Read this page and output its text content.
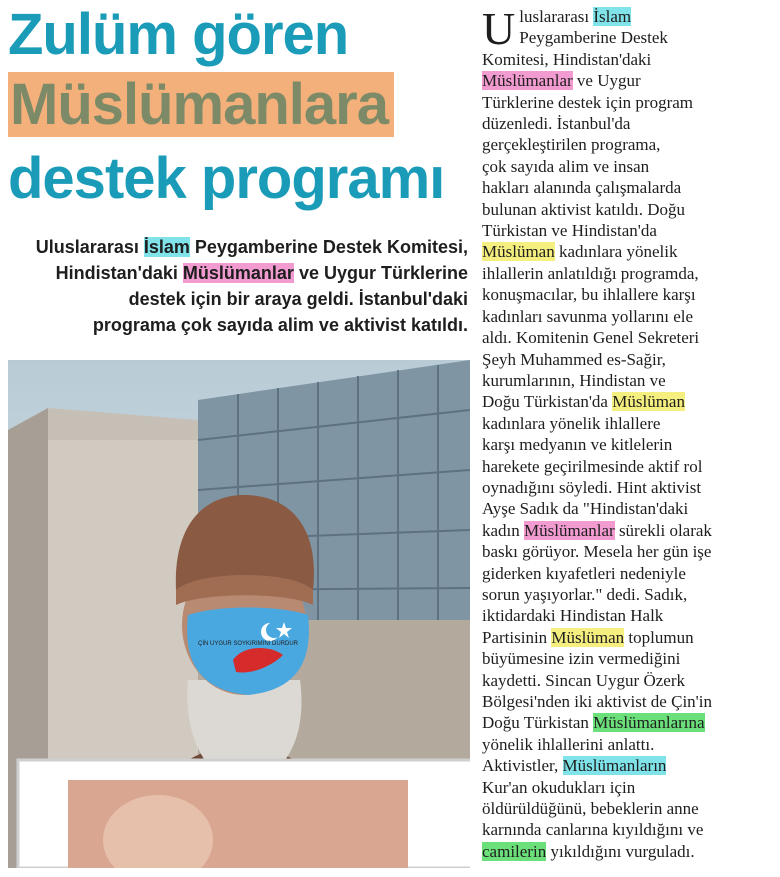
Zulüm gören
Müslümanlara
destek programı
Uluslararası İslam Peygamberine Destek Komitesi,
Hindistan'daki Müslümanlar ve Uygur Türklerine
destek için bir araya geldi. İstanbul'daki
programa çok sayıda alim ve aktivist katıldı.
ÇİN UYGUR SOYKIRIMINI DURDUR
U luslararası İslam
Peygamberine Destek
Komitesi, Hindistan'daki
Müslümanlar ve Uygur
Türklerine destek için program
düzenledi. İstanbul'da
gerçekleştirilen programa,
çok sayıda alim ve insan
hakları alanında çalışmalarda
bulunan aktivist katıldı. Doğu
Türkistan ve Hindistan'da
Müslüman kadınlara yönelik
ihlallerin anlatıldığı programda,
konuşmacılar, bu ihlallere karşı
kadınları savunma yollarını ele
aldı. Komitenin Genel Sekreteri
Şeyh Muhammed es-Sağir,
kurumlarının, Hindistan ve
Doğu Türkistan'da Müslüman
kadınlara yönelik ihlallere
karşı medyanın ve kitlelerin
harekete geçirilmesinde aktif rol
oynadığını söyledi. Hint aktivist
Ayşe Sadık da "Hindistan'daki
kadın Müslümanlar sürekli olarak
baskı görüyor. Mesela her gün işe
giderken kıyafetleri nedeniyle
sorun yaşıyorlar." dedi. Sadık,
iktidardaki Hindistan Halk
Partisinin Müslüman toplumun
büyümesine izin vermediğini
kaydetti. Sincan Uygur Özerk
Bölgesi'nden iki aktivist de Çin'in
Doğu Türkistan Müslümanlarına
yönelik ihlallerini anlattı.
Aktivistler, Müslümanların
Kur'an okudukları için
öldürüldüğünü, bebeklerin anne
karnında canlarına kıyıldığını ve
camilerin yıkıldığını vurguladı.
